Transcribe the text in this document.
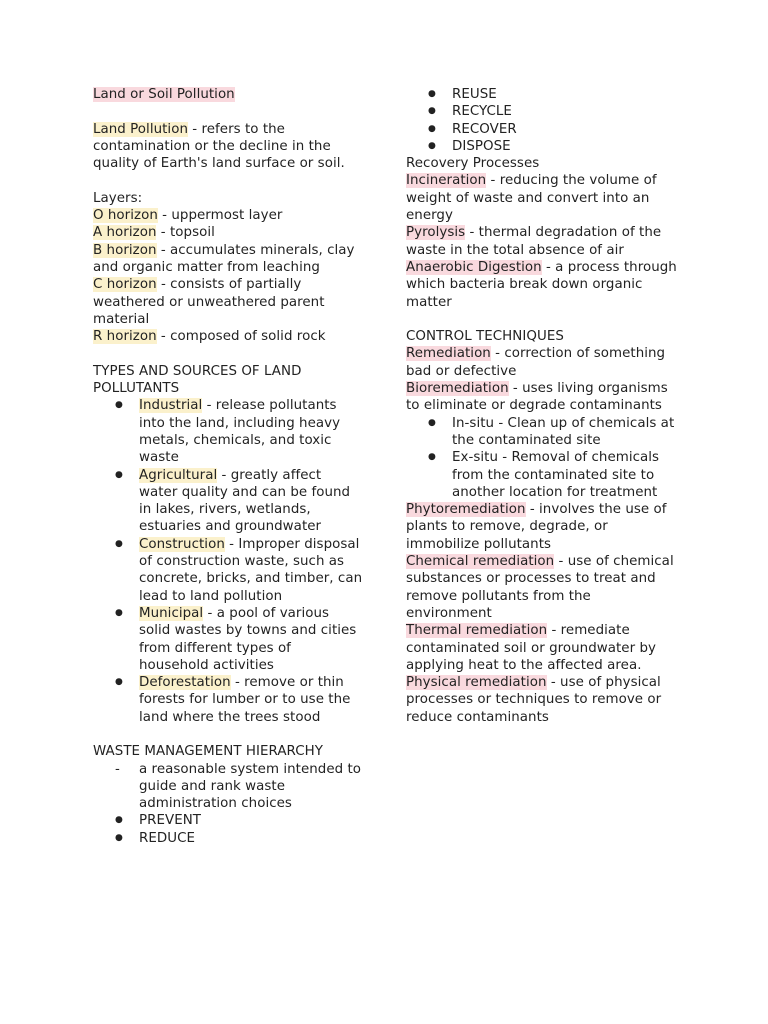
Land or Soil Pollution

Land Pollution - refers to the contamination or the decline in the quality of Earth's land surface or soil.

Layers:

O horizon - uppermost layer

A horizon - topsoil

B horizon - accumulates minerals, clay and organic matter from leaching

C horizon - consists of partially weathered or unweathered parent material

R horizon - composed of solid rock

TYPES AND SOURCES OF LAND POLLUTANTS

● Industrial - release pollutants into the land, including heavy metals, chemicals, and toxic waste
● Agricultural - greatly affect water quality and can be found in lakes, rivers, wetlands, estuaries and groundwater
● Construction - Improper disposal of construction waste, such as concrete, bricks, and timber, can lead to land pollution
● Municipal - a pool of various solid wastes by towns and cities from different types of household activities
● Deforestation - remove or thin forests for lumber or to use the land where the trees stood

WASTE MANAGEMENT HIERARCHY

- a reasonable system intended to guide and rank waste administration choices
● PREVENT
● REDUCE
● REUSE
● RECYCLE
● RECOVER
● DISPOSE

Recovery Processes

Incineration - reducing the volume of weight of waste and convert into an energy

Pyrolysis - thermal degradation of the waste in the total absence of air

Anaerobic Digestion - a process through which bacteria break down organic matter

CONTROL TECHNIQUES

Remediation - correction of something bad or defective

Bioremediation - uses living organisms to eliminate or degrade contaminants

● In-situ - Clean up of chemicals at the contaminated site
● Ex-situ - Removal of chemicals from the contaminated site to another location for treatment

Phytoremediation - involves the use of plants to remove, degrade, or immobilize pollutants

Chemical remediation - use of chemical substances or processes to treat and remove pollutants from the environment

Thermal remediation - remediate contaminated soil or groundwater by applying heat to the affected area.

Physical remediation - use of physical processes or techniques to remove or reduce contaminants
